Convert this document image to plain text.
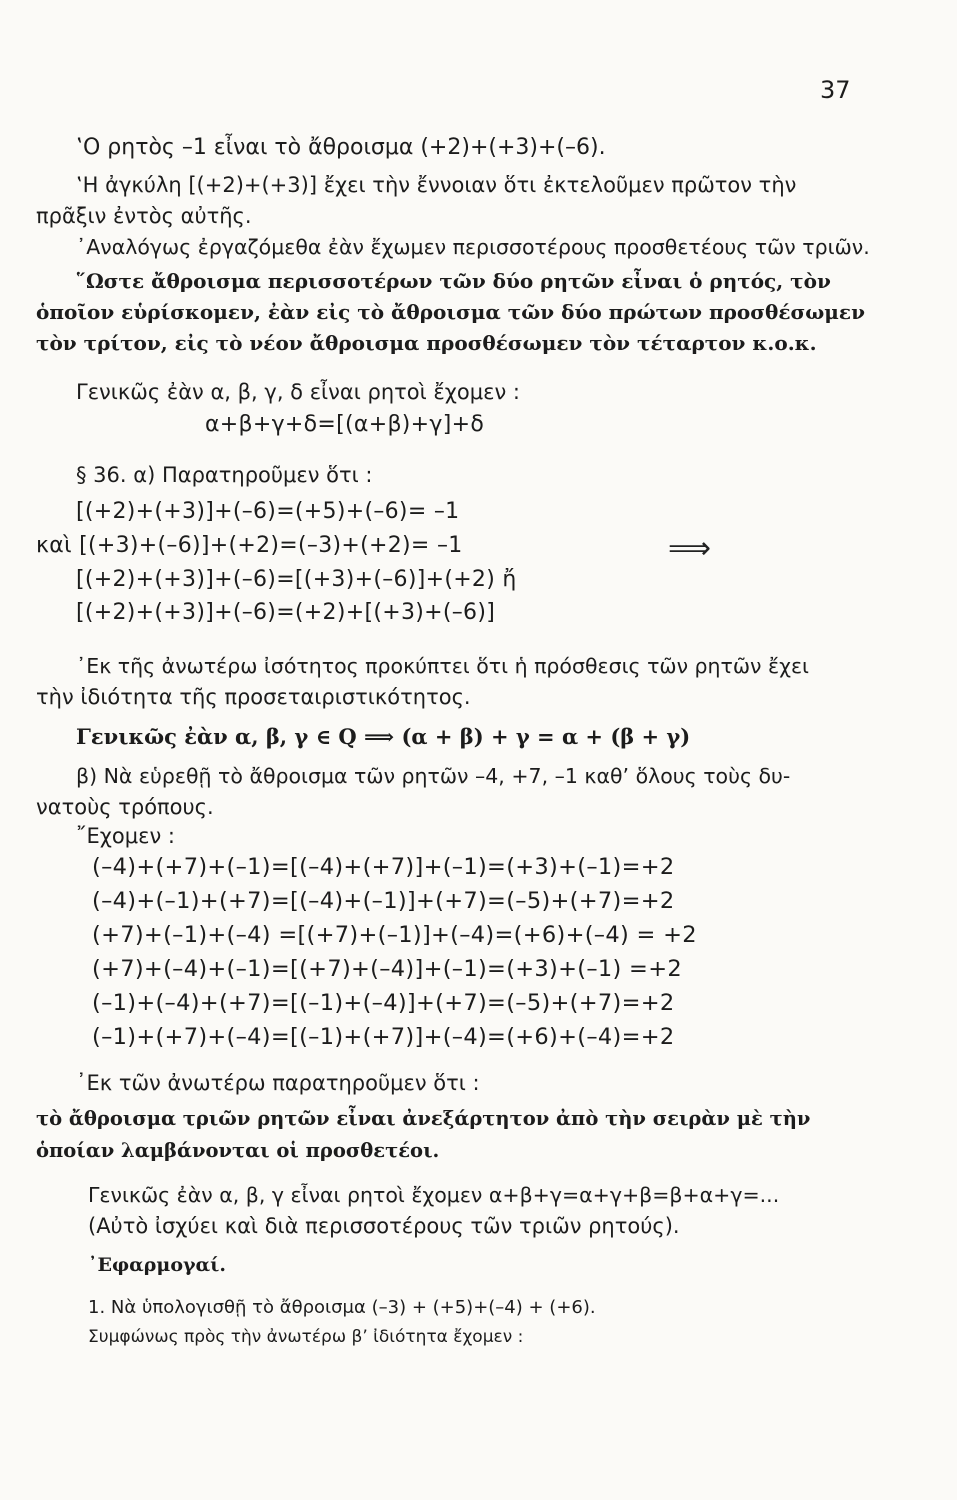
37
‛Ο ρητὸς –1 εἶναι τὸ ἄθροισμα (+2)+(+3)+(–6).
‛Η ἀγκύλη [(+2)+(+3)] ἔχει τὴν ἔννοιαν ὅτι ἐκτελοῦμεν πρῶτον τὴν
πρᾶξιν ἐντὸς αὐτῆς.
᾿Αναλόγως ἐργαζόμεθα ἐὰν ἔχωμεν περισσοτέρους προσθετέους τῶν τριῶν.
῞Ωστε ἄθροισμα περισσοτέρων τῶν δύο ρητῶν εἶναι ὁ ρητός, τὸν
ὁποῖον εὑρίσκομεν, ἐὰν εἰς τὸ ἄθροισμα τῶν δύο πρώτων προσθέσωμεν
τὸν τρίτον, εἰς τὸ νέον ἄθροισμα προσθέσωμεν τὸν τέταρτον κ.ο.κ.
Γενικῶς ἐὰν α, β, γ, δ εἶναι ρητοὶ ἔχομεν :
α+β+γ+δ=[(α+β)+γ]+δ
§ 36. α) Παρατηροῦμεν ὅτι :
[(+2)+(+3)]+(–6)=(+5)+(–6)= –1
καὶ [(+3)+(–6)]+(+2)=(–3)+(+2)= –1	⟹
[(+2)+(+3)]+(–6)=[(+3)+(–6)]+(+2) ἤ
[(+2)+(+3)]+(–6)=(+2)+[(+3)+(–6)]
᾿Εκ τῆς ἀνωτέρω ἰσότητος προκύπτει ὅτι ἡ πρόσθεσις τῶν ρητῶν ἔχει
τὴν ἰδιότητα τῆς προσεταιριστικότητος.
Γενικῶς ἐὰν α, β, γ ∈ Q ⟹ (α + β) + γ = α + (β + γ)
β) Νὰ εὑρεθῇ τὸ ἄθροισμα τῶν ρητῶν –4, +7, –1 καθ’ ὅλους τοὺς δυ-
νατοὺς τρόπους.
῎Εχομεν :
(–4)+(+7)+(–1)=[(–4)+(+7)]+(–1)=(+3)+(–1)=+2
(–4)+(–1)+(+7)=[(–4)+(–1)]+(+7)=(–5)+(+7)=+2
(+7)+(–1)+(–4) =[(+7)+(–1)]+(–4)=(+6)+(–4) = +2
(+7)+(–4)+(–1)=[(+7)+(–4)]+(–1)=(+3)+(–1) =+2
(–1)+(–4)+(+7)=[(–1)+(–4)]+(+7)=(–5)+(+7)=+2
(–1)+(+7)+(–4)=[(–1)+(+7)]+(–4)=(+6)+(–4)=+2
᾿Εκ τῶν ἀνωτέρω παρατηροῦμεν ὅτι :
τὸ ἄθροισμα τριῶν ρητῶν εἶναι ἀνεξάρτητον ἀπὸ τὴν σειρὰν μὲ τὴν
ὁποίαν λαμβάνονται οἱ προσθετέοι.
Γενικῶς ἐὰν α, β, γ εἶναι ρητοὶ ἔχομεν α+β+γ=α+γ+β=β+α+γ=...
(Αὐτὸ ἰσχύει καὶ διὰ περισσοτέρους τῶν τριῶν ρητούς).
᾿Εφαρμογαί.
1. Νὰ ὑπολογισθῇ τὸ ἄθροισμα (–3) + (+5)+(–4) + (+6).
Συμφώνως πρὸς τὴν ἀνωτέρω β’ ἰδιότητα ἔχομεν :
